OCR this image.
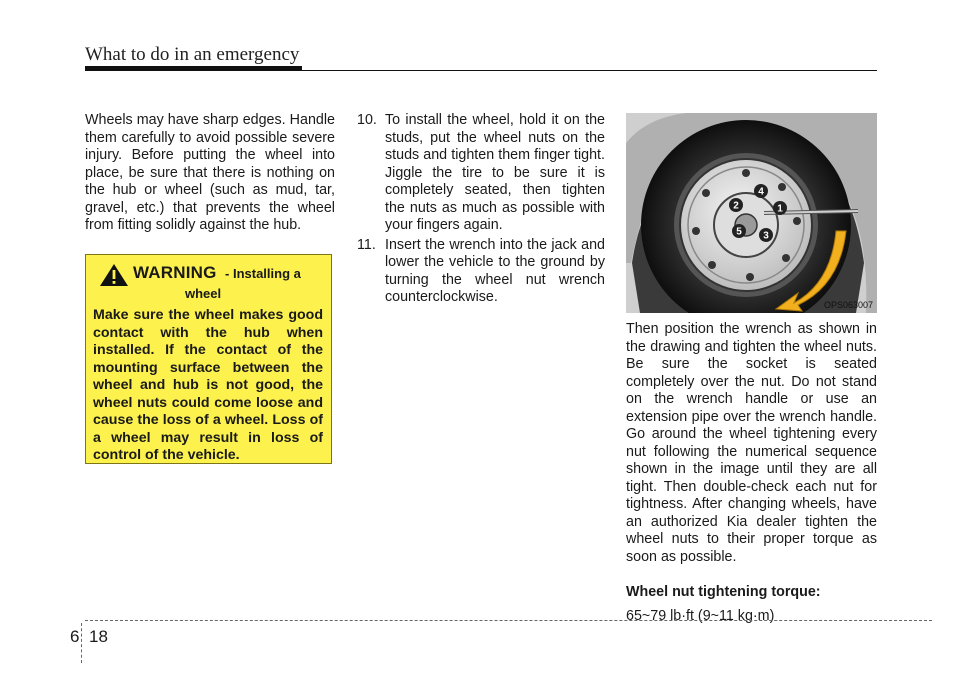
What to do in an emergency
Wheels may have sharp edges. Handle them carefully to avoid possible severe injury. Before putting the wheel into place, be sure that there is nothing on the hub or wheel (such as mud, tar, gravel, etc.) that prevents the wheel from fitting solidly against the hub.
WARNING - Installing a
wheel
Make sure the wheel makes good contact with the hub when installed. If the contact of the mounting surface between the wheel and hub is not good, the wheel nuts could come loose and cause the loss of a wheel. Loss of a wheel may result in loss of control of the vehicle.
10. To install the wheel, hold it on the studs, put the wheel nuts on the studs and tighten them finger tight. Jiggle the tire to be sure it is completely seated, then tighten the nuts as much as possible with your fingers again.
11. Insert the wrench into the jack and lower the vehicle to the ground by turning the wheel nut wrench counterclockwise.
4
1
2
5 3
OPS063007

Then position the wrench as shown in the drawing and tighten the wheel nuts. Be sure the socket is seated completely over the nut. Do not stand on the wrench handle or use an extension pipe over the wrench handle. Go around the wheel tightening every nut following the numerical sequence shown in the image until they are all tight. Then double-check each nut for tightness. After changing wheels, have an authorized Kia dealer tighten the wheel nuts to their proper torque as soon as possible.

Wheel nut tightening torque:

65~79 lb·ft (9~11 kg·m)

6 18
